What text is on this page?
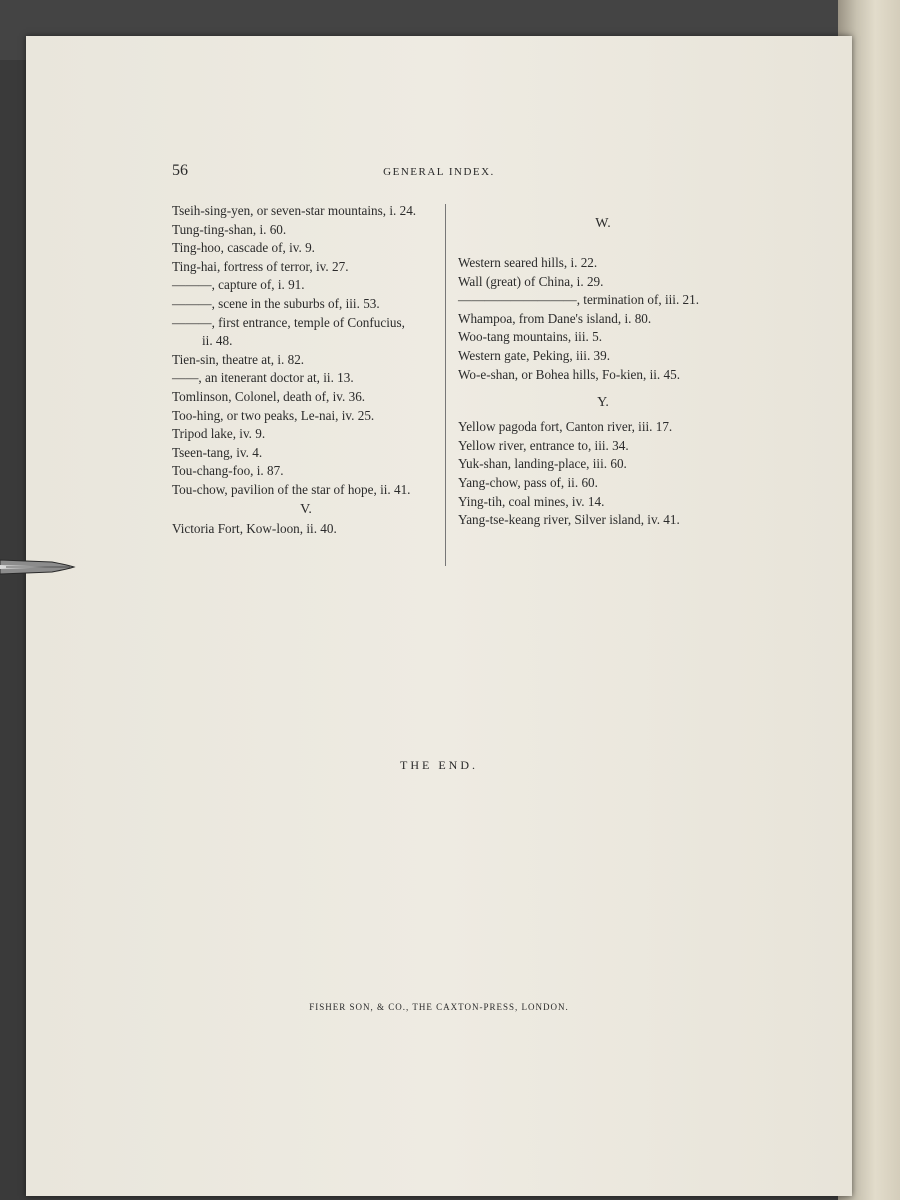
56	GENERAL INDEX.
Tseih-sing-yen, or seven-star mountains, i. 24.
Tung-ting-shan, i. 60.
Ting-hoo, cascade of, iv. 9.
Ting-hai, fortress of terror, iv. 27.
———, capture of, i. 91.
———, scene in the suburbs of, iii. 53.
———, first entrance, temple of Confucius,
ii. 48.
Tien-sin, theatre at, i. 82.
——, an itenerant doctor at, ii. 13.
Tomlinson, Colonel, death of, iv. 36.
Too-hing, or two peaks, Le-nai, iv. 25.
Tripod lake, iv. 9.
Tseen-tang, iv. 4.
Tou-chang-foo, i. 87.
Tou-chow, pavilion of the star of hope, ii. 41.
V.
Victoria Fort, Kow-loon, ii. 40.
W.
Western seared hills, i. 22.
Wall (great) of China, i. 29.
—————————, termination of, iii. 21.
Whampoa, from Dane's island, i. 80.
Woo-tang mountains, iii. 5.
Western gate, Peking, iii. 39.
Wo-e-shan, or Bohea hills, Fo-kien, ii. 45.
Y.
Yellow pagoda fort, Canton river, iii. 17.
Yellow river, entrance to, iii. 34.
Yuk-shan, landing-place, iii. 60.
Yang-chow, pass of, ii. 60.
Ying-tih, coal mines, iv. 14.
Yang-tse-keang river, Silver island, iv. 41.
THE END.
FISHER SON, & CO., THE CAXTON-PRESS, LONDON.
